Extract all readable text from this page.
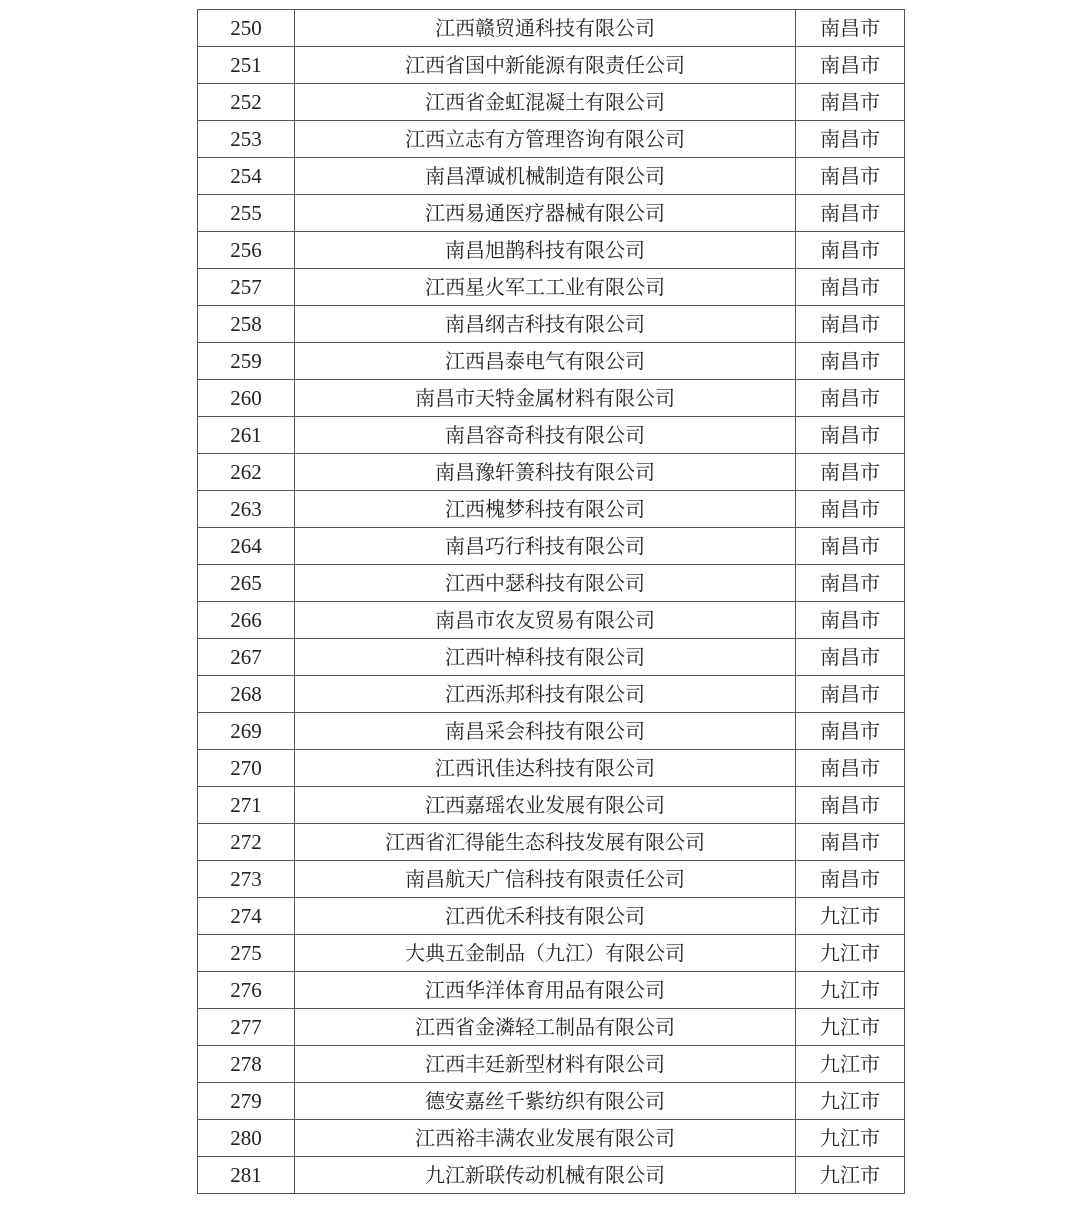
250	江西赣贸通科技有限公司	南昌市
251	江西省国中新能源有限责任公司	南昌市
252	江西省金虹混凝土有限公司	南昌市
253	江西立志有方管理咨询有限公司	南昌市
254	南昌潭诚机械制造有限公司	南昌市
255	江西易通医疗器械有限公司	南昌市
256	南昌旭鹊科技有限公司	南昌市
257	江西星火军工工业有限公司	南昌市
258	南昌纲吉科技有限公司	南昌市
259	江西昌泰电气有限公司	南昌市
260	南昌市天特金属材料有限公司	南昌市
261	南昌容奇科技有限公司	南昌市
262	南昌豫轩箦科技有限公司	南昌市
263	江西槐梦科技有限公司	南昌市
264	南昌巧行科技有限公司	南昌市
265	江西中瑟科技有限公司	南昌市
266	南昌市农友贸易有限公司	南昌市
267	江西叶棹科技有限公司	南昌市
268	江西泺邦科技有限公司	南昌市
269	南昌采会科技有限公司	南昌市
270	江西讯佳达科技有限公司	南昌市
271	江西嘉瑶农业发展有限公司	南昌市
272	江西省汇得能生态科技发展有限公司	南昌市
273	南昌航天广信科技有限责任公司	南昌市
274	江西优禾科技有限公司	九江市
275	大典五金制品（九江）有限公司	九江市
276	江西华洋体育用品有限公司	九江市
277	江西省金潾轻工制品有限公司	九江市
278	江西丰廷新型材料有限公司	九江市
279	德安嘉丝千紫纺织有限公司	九江市
280	江西裕丰满农业发展有限公司	九江市
281	九江新联传动机械有限公司	九江市
